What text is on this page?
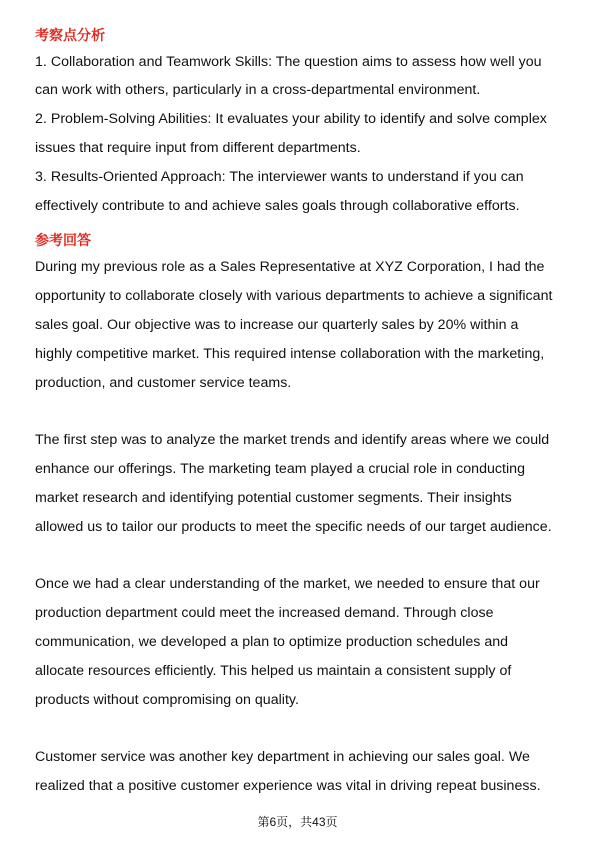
考察点分析
1. Collaboration and Teamwork Skills: The question aims to assess how well you
can work with others, particularly in a cross-departmental environment.
2. Problem-Solving Abilities: It evaluates your ability to identify and solve complex
issues that require input from different departments.
3. Results-Oriented Approach: The interviewer wants to understand if you can
effectively contribute to and achieve sales goals through collaborative efforts.
参考回答
During my previous role as a Sales Representative at XYZ Corporation, I had the
opportunity to collaborate closely with various departments to achieve a significant
sales goal. Our objective was to increase our quarterly sales by 20% within a
highly competitive market. This required intense collaboration with the marketing,
production, and customer service teams.
The first step was to analyze the market trends and identify areas where we could
enhance our offerings. The marketing team played a crucial role in conducting
market research and identifying potential customer segments. Their insights
allowed us to tailor our products to meet the specific needs of our target audience.
Once we had a clear understanding of the market, we needed to ensure that our
production department could meet the increased demand. Through close
communication, we developed a plan to optimize production schedules and
allocate resources efficiently. This helped us maintain a consistent supply of
products without compromising on quality.
Customer service was another key department in achieving our sales goal. We
realized that a positive customer experience was vital in driving repeat business.
第6页，共43页
